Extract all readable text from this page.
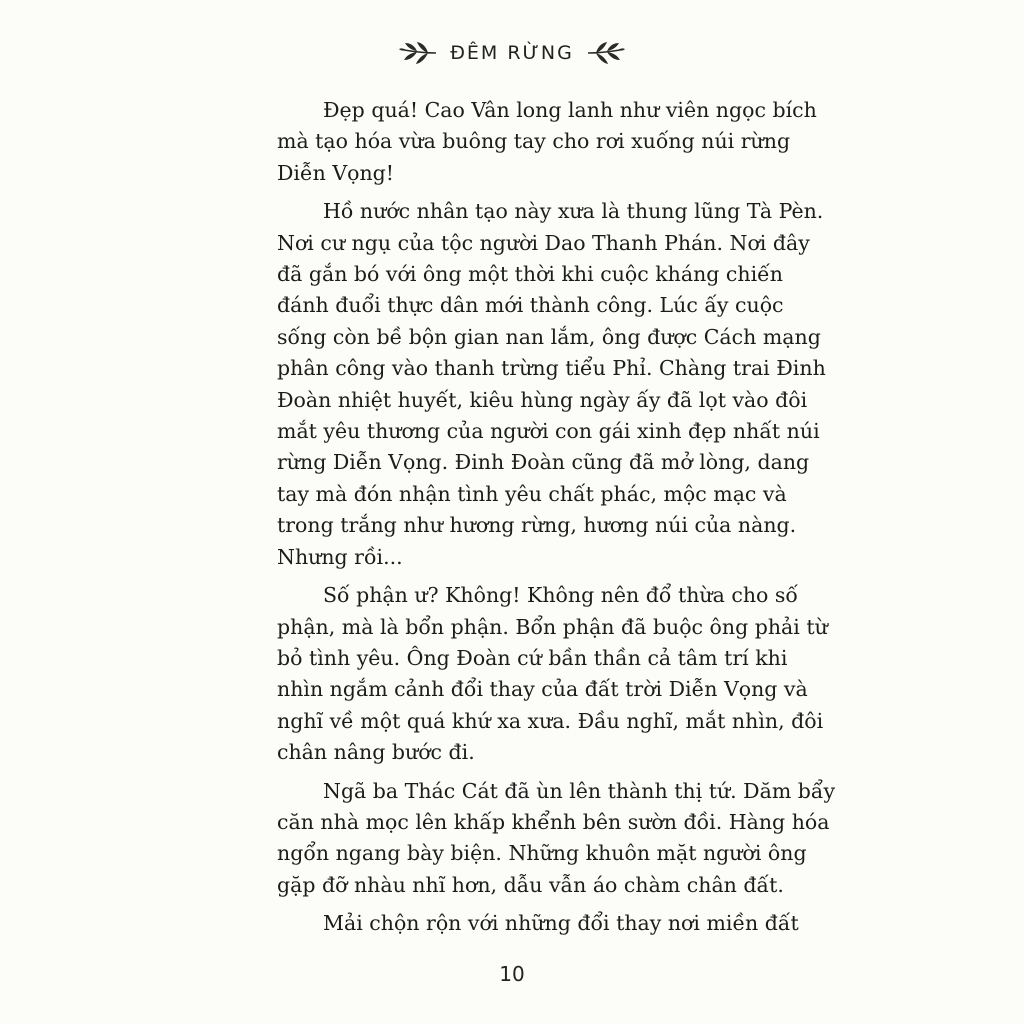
ĐÊM RỪNG

Đẹp quá! Cao Vân long lanh như viên ngọc bích
mà tạo hóa vừa buông tay cho rơi xuống núi rừng
Diễn Vọng!

Hồ nước nhân tạo này xưa là thung lũng Tà Pèn.
Nơi cư ngụ của tộc người Dao Thanh Phán. Nơi đây
đã gắn bó với ông một thời khi cuộc kháng chiến
đánh đuổi thực dân mới thành công. Lúc ấy cuộc
sống còn bề bộn gian nan lắm, ông được Cách mạng
phân công vào thanh trừng tiểu Phỉ. Chàng trai Đinh
Đoàn nhiệt huyết, kiêu hùng ngày ấy đã lọt vào đôi
mắt yêu thương của người con gái xinh đẹp nhất núi
rừng Diễn Vọng. Đinh Đoàn cũng đã mở lòng, dang
tay mà đón nhận tình yêu chất phác, mộc mạc và
trong trắng như hương rừng, hương núi của nàng.
Nhưng rồi...

Số phận ư? Không! Không nên đổ thừa cho số
phận, mà là bổn phận. Bổn phận đã buộc ông phải từ
bỏ tình yêu. Ông Đoàn cứ bần thần cả tâm trí khi
nhìn ngắm cảnh đổi thay của đất trời Diễn Vọng và
nghĩ về một quá khứ xa xưa. Đầu nghĩ, mắt nhìn, đôi
chân nâng bước đi.

Ngã ba Thác Cát đã ùn lên thành thị tứ. Dăm bẩy
căn nhà mọc lên khấp khểnh bên sườn đồi. Hàng hóa
ngổn ngang bày biện. Những khuôn mặt người ông
gặp đỡ nhàu nhĩ hơn, dẫu vẫn áo chàm chân đất.

Mải chộn rộn với những đổi thay nơi miền đất

10
